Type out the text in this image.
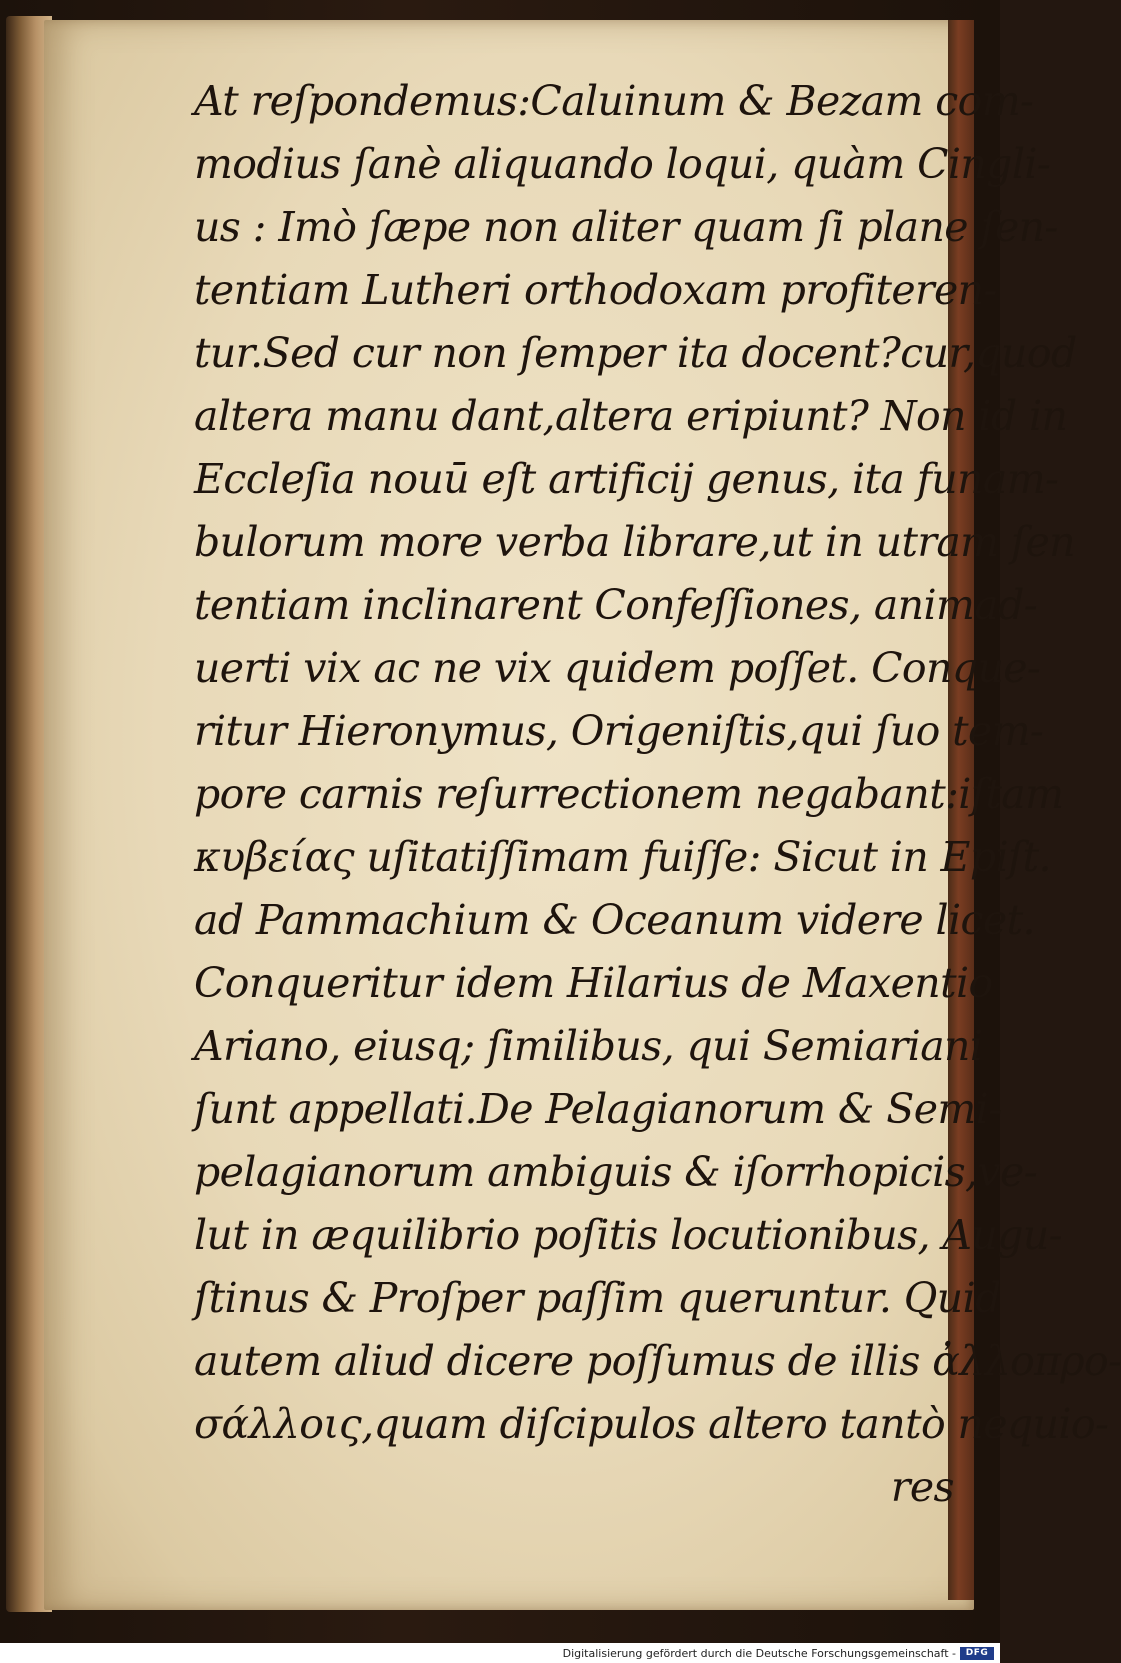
At reſpondemus:Caluinum & Bezam com-
modius ſanè aliquando loqui, quàm Cingli-
us : Imò ſæpe non aliter quam ſi plane ſen-
tentiam Lutheri orthodoxam profiteren-
tur.Sed cur non ſemper ita docent?cur,quod
altera manu dant,altera eripiunt? Non id in
Eccleſia nouū eſt artificij genus, ita funam-
bulorum more verba librare,ut in utram ſen
tentiam inclinarent Confeſſiones, animad-
uerti vix ac ne vix quidem poſſet. Conque-
ritur Hieronymus, Origeniſtis,qui ſuo tem-
pore carnis reſurrectionem negabant:iſtam
κυβείας uſitatiſſimam fuiſſe: Sicut in Epiſt.
ad Pammachium & Oceanum videre licet.
Conqueritur idem Hilarius de Maxentio
Ariano, eiusq; ſimilibus, qui Semiariani
ſunt appellati.De Pelagianorum & Semi-
pelagianorum ambiguis & iſorrhopicis,ve-
lut in æquilibrio poſitis locutionibus, Augu-
ſtinus & Proſper paſſim queruntur. Quid
autem aliud dicere poſſumus de illis ἀλλοπρο-
σάλλοις,quam diſcipulos altero tantò nequio-
res
Digitalisierung gefördert durch die Deutsche Forschungsgemeinschaft -	DFG
